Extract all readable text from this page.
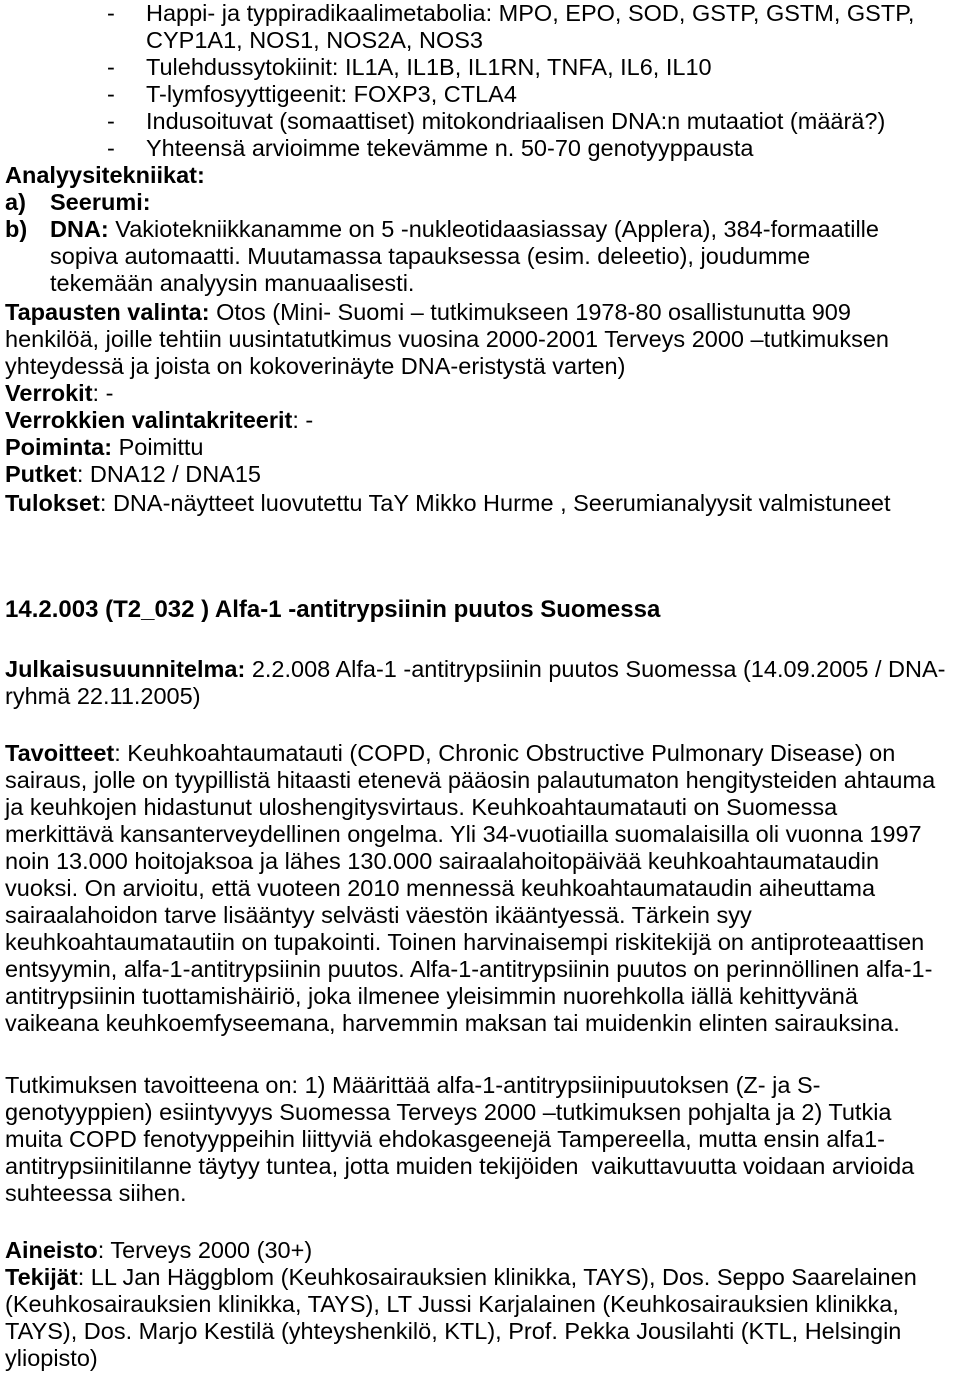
- Happi- ja typpiradikaalimetabolia: MPO, EPO, SOD, GSTP, GSTM, GSTP,
CYP1A1, NOS1, NOS2A, NOS3
- Tulehdussytokiinit: IL1A, IL1B, IL1RN, TNFA, IL6, IL10
- T-lymfosyyttigeenit: FOXP3, CTLA4
- Indusoituvat (somaattiset) mitokondriaalisen DNA:n mutaatiot (määrä?)
- Yhteensä arvioimme tekevämme n. 50-70 genotyyppausta
Analyysitekniikat:
a) Seerumi:
b) DNA: Vakiotekniikkanamme on 5 -nukleotidaasiassay (Applera), 384-formaatille
sopiva automaatti. Muutamassa tapauksessa (esim. deleetio), joudumme
tekemään analyysin manuaalisesti.
Tapausten valinta: Otos (Mini- Suomi – tutkimukseen 1978-80 osallistunutta 909
henkilöä, joille tehtiin uusintatutkimus vuosina 2000-2001 Terveys 2000 –tutkimuksen
yhteydessä ja joista on kokoverinäyte DNA-eristystä varten)
Verrokit: -
Verrokkien valintakriteerit: -
Poiminta: Poimittu
Putket: DNA12 / DNA15
Tulokset: DNA-näytteet luovutettu TaY Mikko Hurme , Seerumianalyysit valmistuneet
14.2.003 (T2_032 ) Alfa-1 -antitrypsiinin puutos Suomessa
Julkaisusuunnitelma: 2.2.008 Alfa-1 -antitrypsiinin puutos Suomessa (14.09.2005 / DNA-
ryhmä 22.11.2005)
Tavoitteet: Keuhkoahtaumatauti (COPD, Chronic Obstructive Pulmonary Disease) on
sairaus, jolle on tyypillistä hitaasti etenevä pääosin palautumaton hengitysteiden ahtauma
ja keuhkojen hidastunut uloshengitysvirtaus. Keuhkoahtaumatauti on Suomessa
merkittävä kansanterveydellinen ongelma. Yli 34-vuotiailla suomalaisilla oli vuonna 1997
noin 13.000 hoitojaksoa ja lähes 130.000 sairaalahoitopäivää keuhkoahtaumataudin
vuoksi. On arvioitu, että vuoteen 2010 mennessä keuhkoahtaumataudin aiheuttama
sairaalahoidon tarve lisääntyy selvästi väestön ikääntyessä. Tärkein syy
keuhkoahtaumatautiin on tupakointi. Toinen harvinaisempi riskitekijä on antiproteaattisen
entsyymin, alfa-1-antitrypsiinin puutos. Alfa-1-antitrypsiinin puutos on perinnöllinen alfa-1-
antitrypsiinin tuottamishäiriö, joka ilmenee yleisimmin nuorehkolla iällä kehittyvänä
vaikeana keuhkoemfyseemana, harvemmin maksan tai muidenkin elinten sairauksina.
Tutkimuksen tavoitteena on: 1) Määrittää alfa-1-antitrypsiinipuutoksen (Z- ja S-
genotyyppien) esiintyvyys Suomessa Terveys 2000 –tutkimuksen pohjalta ja 2) Tutkia
muita COPD fenotyyppeihin liittyviä ehdokasgeenejä Tampereella, mutta ensin alfa1-
antitrypsiinitilanne täytyy tuntea, jotta muiden tekijöiden  vaikuttavuutta voidaan arvioida
suhteessa siihen.
Aineisto: Terveys 2000 (30+)
Tekijät: LL Jan Häggblom (Keuhkosairauksien klinikka, TAYS), Dos. Seppo Saarelainen
(Keuhkosairauksien klinikka, TAYS), LT Jussi Karjalainen (Keuhkosairauksien klinikka,
TAYS), Dos. Marjo Kestilä (yhteyshenkilö, KTL), Prof. Pekka Jousilahti (KTL, Helsingin
yliopisto)
